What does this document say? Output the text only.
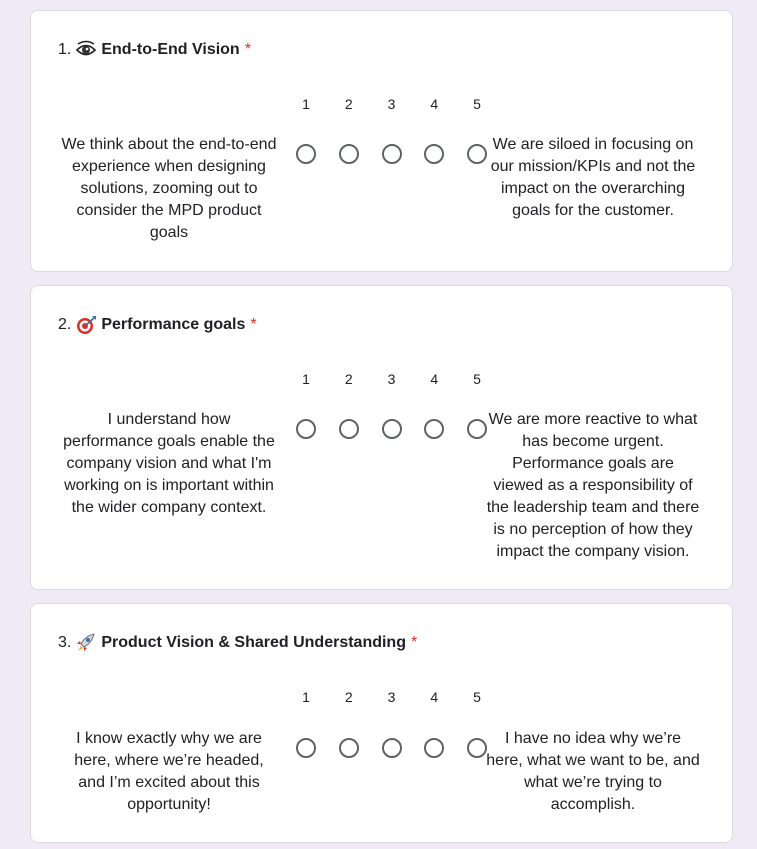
1. End-to-End Vision *
1	2	3	4	5
We think about the end-to-end experience when designing solutions, zooming out to consider the MPD product goals
We are siloed in focusing on our mission/KPIs and not the impact on the overarching goals for the customer.
2. Performance goals *
1	2	3	4	5
I understand how performance goals enable the company vision and what I'm working on is important within the wider company context.
We are more reactive to what has become urgent. Performance goals are viewed as a responsibility of the leadership team and there is no perception of how they impact the company vision.
3. Product Vision & Shared Understanding *
1	2	3	4	5
I know exactly why we are here, where we’re headed, and I’m excited about this opportunity!
I have no idea why we’re here, what we want to be, and what we’re trying to accomplish.
